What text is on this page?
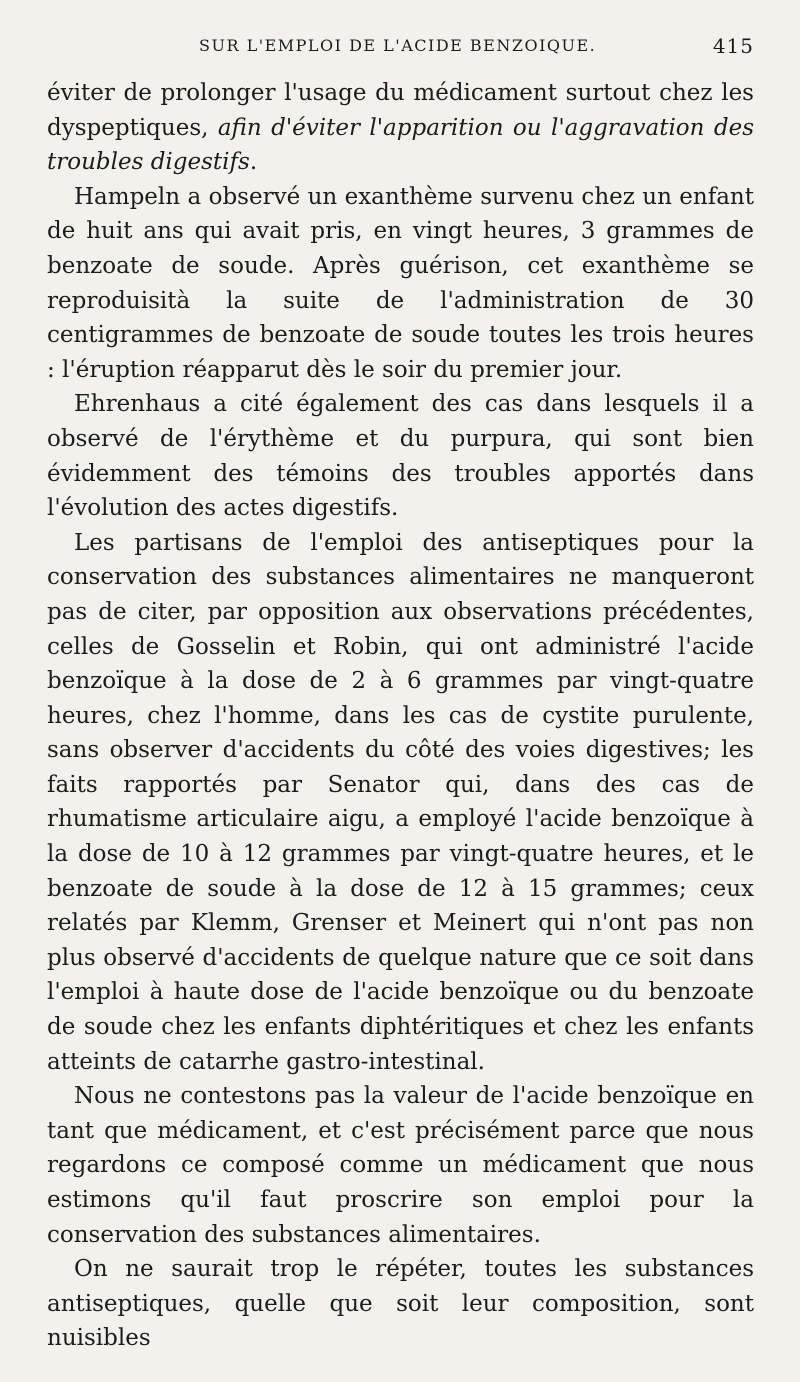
SUR L'EMPLOI DE L'ACIDE BENZOIQUE.	415

éviter de prolonger l'usage du médicament surtout chez les dyspeptiques, afin d'éviter l'apparition ou l'aggravation des troubles digestifs.

Hampeln a observé un exanthème survenu chez un enfant de huit ans qui avait pris, en vingt heures, 3 grammes de benzoate de soude. Après guérison, cet exanthème se reproduisità la suite de l'administration de 30 centigrammes de benzoate de soude toutes les trois heures : l'éruption réapparut dès le soir du premier jour.

Ehrenhaus a cité également des cas dans lesquels il a observé de l'érythème et du purpura, qui sont bien évidemment des témoins des troubles apportés dans l'évolution des actes digestifs.

Les partisans de l'emploi des antiseptiques pour la conservation des substances alimentaires ne manqueront pas de citer, par opposition aux observations précédentes, celles de Gosselin et Robin, qui ont administré l'acide benzoïque à la dose de 2 à 6 grammes par vingt-quatre heures, chez l'homme, dans les cas de cystite purulente, sans observer d'accidents du côté des voies digestives; les faits rapportés par Senator qui, dans des cas de rhumatisme articulaire aigu, a employé l'acide benzoïque à la dose de 10 à 12 grammes par vingt-quatre heures, et le benzoate de soude à la dose de 12 à 15 grammes; ceux relatés par Klemm, Grenser et Meinert qui n'ont pas non plus observé d'accidents de quelque nature que ce soit dans l'emploi à haute dose de l'acide benzoïque ou du benzoate de soude chez les enfants diphtéritiques et chez les enfants atteints de catarrhe gastro-intestinal.

Nous ne contestons pas la valeur de l'acide benzoïque en tant que médicament, et c'est précisément parce que nous regardons ce composé comme un médicament que nous estimons qu'il faut proscrire son emploi pour la conservation des substances alimentaires.

On ne saurait trop le répéter, toutes les substances antiseptiques, quelle que soit leur composition, sont nuisibles
